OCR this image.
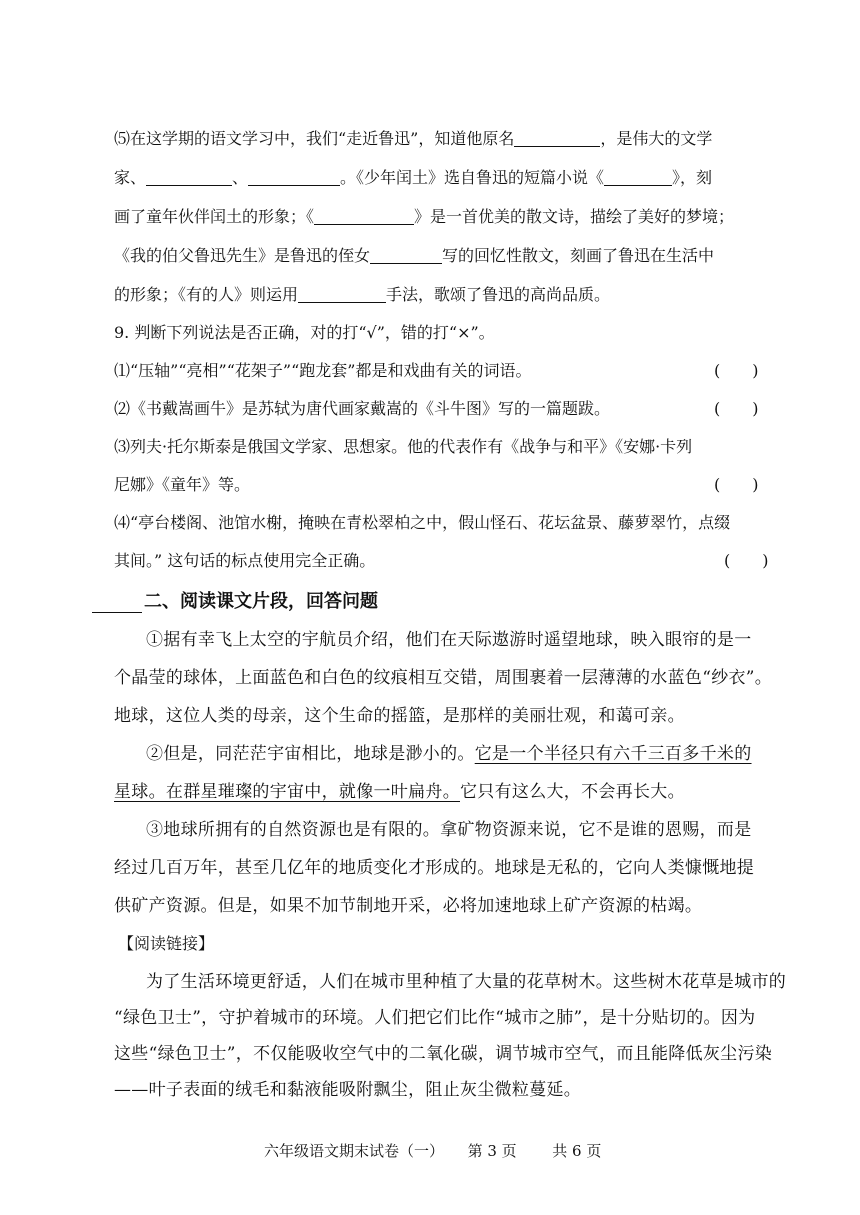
⑸在这学期的语文学习中，我们“走近鲁迅”，知道他原名	，是伟大的文学
家、	、	。《少年闰土》选自鲁迅的短篇小说《	》，刻
画了童年伙伴闰土的形象；《	》是一首优美的散文诗，描绘了美好的梦境；
《我的伯父鲁迅先生》是鲁迅的侄女	写的回忆性散文，刻画了鲁迅在生活中
的形象；《有的人》则运用	手法，歌颂了鲁迅的高尚品质。
9. 判断下列说法是否正确，对的打“√”，错的打“×”。
⑴“压轴”“亮相”“花架子”“跑龙套”都是和戏曲有关的词语。	(　　)
⑵《书戴嵩画牛》是苏轼为唐代画家戴嵩的《斗牛图》写的一篇题跋。	(　　)
⑶列夫·托尔斯泰是俄国文学家、思想家。他的代表作有《战争与和平》《安娜·卡列
尼娜》《童年》等。	(　　)
⑷“亭台楼阁、池馆水榭，掩映在青松翠柏之中，假山怪石、花坛盆景、藤萝翠竹，点缀
其间。” 这句话的标点使用完全正确。	(　　)
二、阅读课文片段，回答问题
①据有幸飞上太空的宇航员介绍，他们在天际遨游时遥望地球，映入眼帘的是一
个晶莹的球体，上面蓝色和白色的纹痕相互交错，周围裹着一层薄薄的水蓝色“纱衣”。
地球，这位人类的母亲，这个生命的摇篮，是那样的美丽壮观，和蔼可亲。
②但是，同茫茫宇宙相比，地球是渺小的。它是一个半径只有六千三百多千米的
星球。在群星璀璨的宇宙中，就像一叶扁舟。它只有这么大，不会再长大。
③地球所拥有的自然资源也是有限的。拿矿物资源来说，它不是谁的恩赐，而是
经过几百万年，甚至几亿年的地质变化才形成的。地球是无私的，它向人类慷慨地提
供矿产资源。但是，如果不加节制地开采，必将加速地球上矿产资源的枯竭。
【阅读链接】
为了生活环境更舒适，人们在城市里种植了大量的花草树木。这些树木花草是城市的
“绿色卫士”，守护着城市的环境。人们把它们比作“城市之肺”，是十分贴切的。因为
这些“绿色卫士”，不仅能吸收空气中的二氧化碳，调节城市空气，而且能降低灰尘污染
——叶子表面的绒毛和黏液能吸附飘尘，阻止灰尘微粒蔓延。
六年级语文期末试卷（一） 第 3 页 共 6 页
